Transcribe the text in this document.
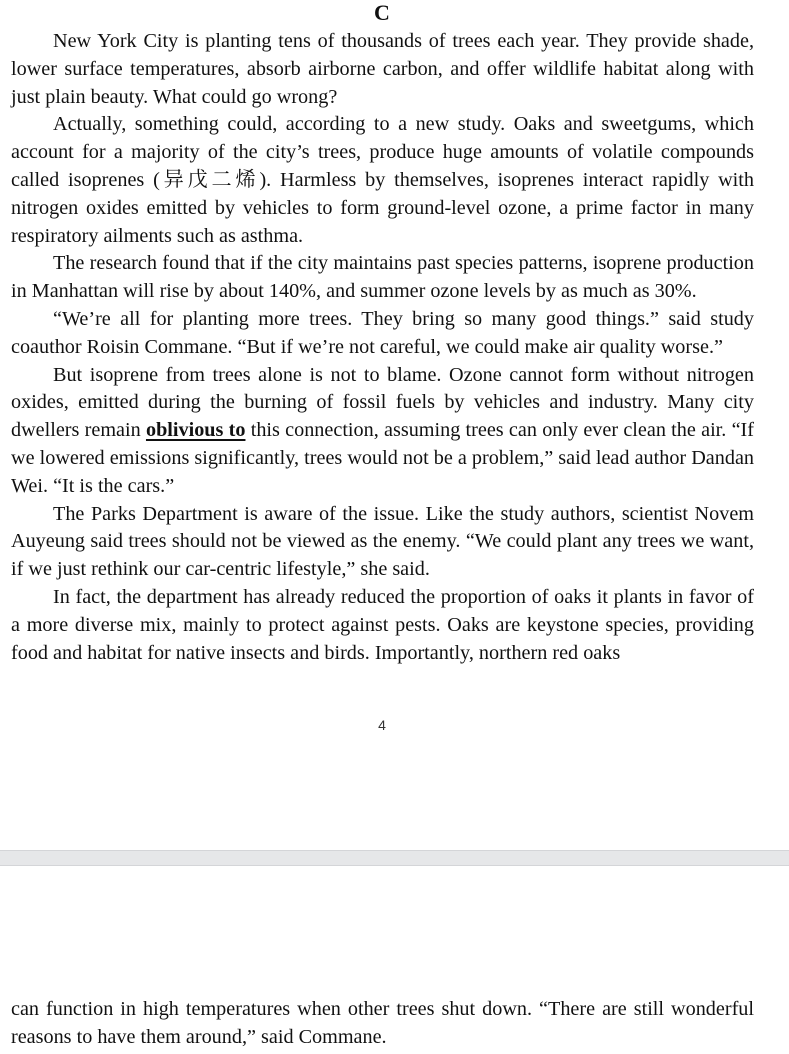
C

New York City is planting tens of thousands of trees each year. They provide shade, lower surface temperatures, absorb airborne carbon, and offer wildlife habitat along with just plain beauty. What could go wrong?

Actually, something could, according to a new study. Oaks and sweetgums, which account for a majority of the city’s trees, produce huge amounts of volatile compounds called isoprenes (异戊二烯). Harmless by themselves, isoprenes interact rapidly with nitrogen oxides emitted by vehicles to form ground-level ozone, a prime factor in many respiratory ailments such as asthma.

The research found that if the city maintains past species patterns, isoprene production in Manhattan will rise by about 140%, and summer ozone levels by as much as 30%.

“We’re all for planting more trees. They bring so many good things.” said study coauthor Roisin Commane. “But if we’re not careful, we could make air quality worse.”

But isoprene from trees alone is not to blame. Ozone cannot form without nitrogen oxides, emitted during the burning of fossil fuels by vehicles and industry. Many city dwellers remain oblivious to this connection, assuming trees can only ever clean the air. “If we lowered emissions significantly, trees would not be a problem,” said lead author Dandan Wei. “It is the cars.”

The Parks Department is aware of the issue. Like the study authors, scientist Novem Auyeung said trees should not be viewed as the enemy. “We could plant any trees we want, if we just rethink our car-centric lifestyle,” she said.

In fact, the department has already reduced the proportion of oaks it plants in favor of a more diverse mix, mainly to protect against pests. Oaks are keystone species, providing food and habitat for native insects and birds. Importantly, northern red oaks

4

can function in high temperatures when other trees shut down. “There are still wonderful reasons to have them around,” said Commane.
